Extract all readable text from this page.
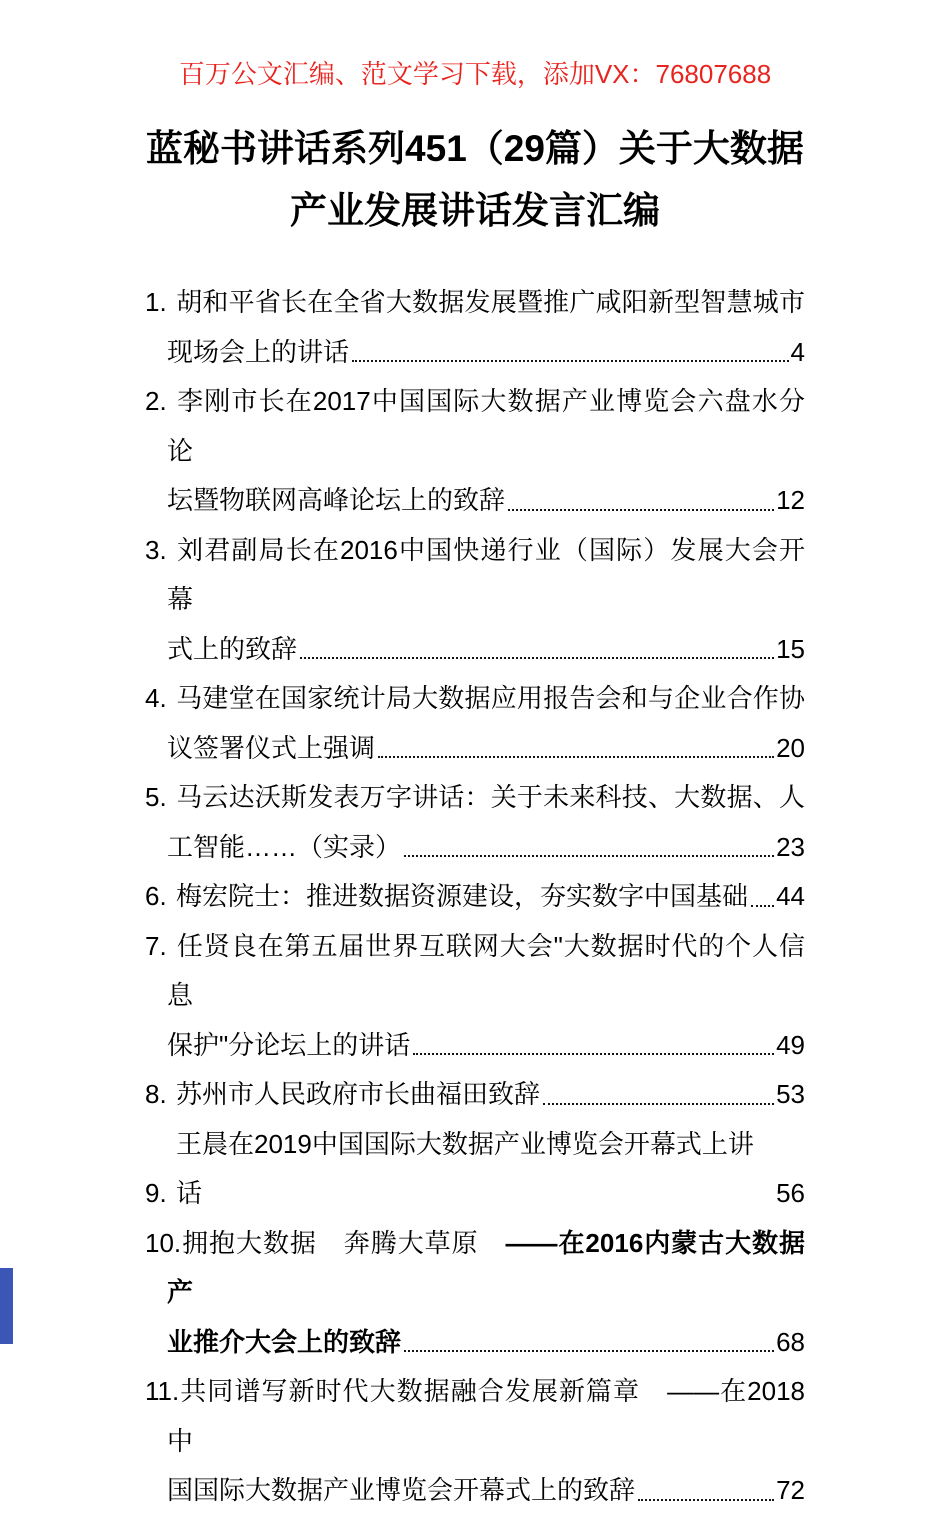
百万公文汇编、范文学习下载，添加VX：76807688
蓝秘书讲话系列451（29篇）关于大数据
产业发展讲话发言汇编
1. 胡和平省长在全省大数据发展暨推广咸阳新型智慧城市
现场会上的讲话	4
2. 李刚市长在2017中国国际大数据产业博览会六盘水分论
坛暨物联网高峰论坛上的致辞	12
3. 刘君副局长在2016中国快递行业（国际）发展大会开幕
式上的致辞	15
4. 马建堂在国家统计局大数据应用报告会和与企业合作协
议签署仪式上强调	20
5. 马云达沃斯发表万字讲话：关于未来科技、大数据、人
工智能……（实录）	23
6. 梅宏院士：推进数据资源建设，夯实数字中国基础 44
7. 任贤良在第五届世界互联网大会"大数据时代的个人信息
保护"分论坛上的讲话	49
8. 苏州市人民政府市长曲福田致辞	53
9.
王晨在2019中国国际大数据产业博览会开幕式上讲话	56
10.拥抱大数据　奔腾大草原　——在2016内蒙古大数据产
业推介大会上的致辞	68
11.共同谱写新时代大数据融合发展新篇章　——在2018中
国国际大数据产业博览会开幕式上的致辞	72
